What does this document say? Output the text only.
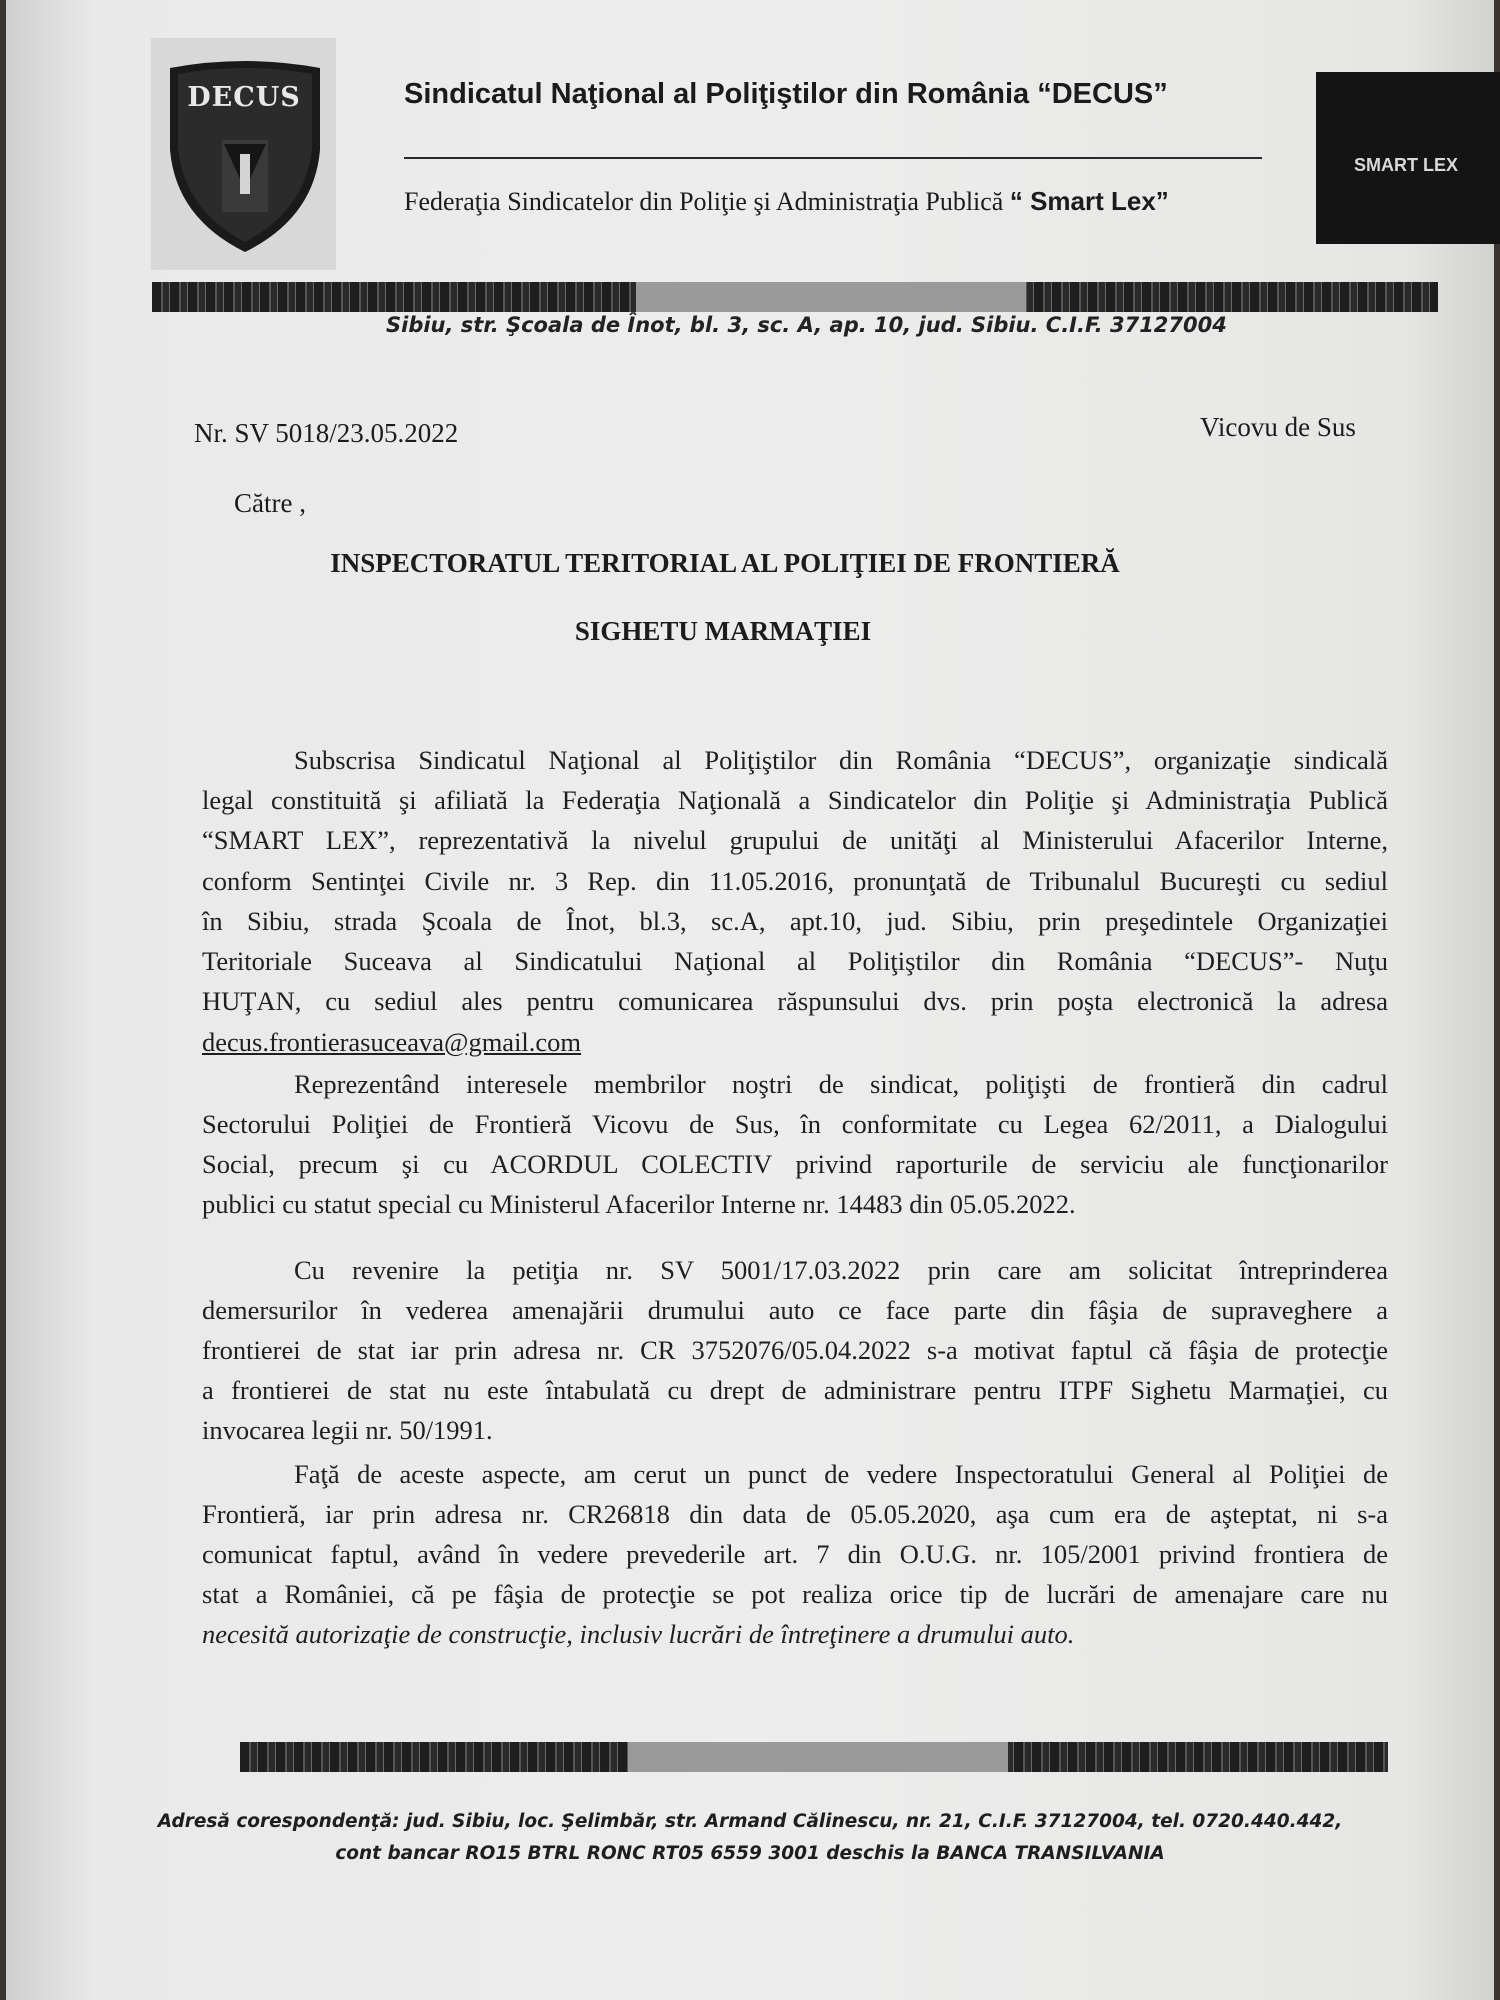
DECUS	Sindicatul Naţional al Poliţiştilor din România “DECUS”
Federaţia Sindicatelor din Poliţie şi Administraţia Publică “ Smart Lex”
SMART LEX
Sibiu, str. Şcoala de Înot, bl. 3, sc. A, ap. 10, jud. Sibiu. C.I.F. 37127004
Nr. SV 5018/23.05.2022	Vicovu de Sus
Către ,
INSPECTORATUL TERITORIAL AL POLIŢIEI DE FRONTIERĂ
SIGHETU MARMAŢIEI
Subscrisa Sindicatul Naţional al Poliţiştilor din România “DECUS”, organizaţie sindicală
legal constituită şi afiliată la Federaţia Naţională a Sindicatelor din Poliţie şi Administraţia Publică
“SMART LEX”, reprezentativă la nivelul grupului de unităţi al Ministerului Afacerilor Interne,
conform Sentinţei Civile nr. 3 Rep. din 11.05.2016, pronunţată de Tribunalul Bucureşti cu sediul
în Sibiu, strada Şcoala de Înot, bl.3, sc.A, apt.10, jud. Sibiu, prin preşedintele Organizaţiei
Teritoriale Suceava al Sindicatului Naţional al Poliţiştilor din România “DECUS”- Nuţu
HUŢAN, cu sediul ales pentru comunicarea răspunsului dvs. prin poşta electronică la adresa
decus.frontierasuceava@gmail.com
Reprezentând interesele membrilor noştri de sindicat, poliţişti de frontieră din cadrul
Sectorului Poliţiei de Frontieră Vicovu de Sus, în conformitate cu Legea 62/2011, a Dialogului
Social, precum şi cu ACORDUL COLECTIV privind raporturile de serviciu ale funcţionarilor
publici cu statut special cu Ministerul Afacerilor Interne nr. 14483 din 05.05.2022.
Cu revenire la petiţia nr. SV 5001/17.03.2022 prin care am solicitat întreprinderea
demersurilor în vederea amenajării drumului auto ce face parte din fâşia de supraveghere a
frontierei de stat iar prin adresa nr. CR 3752076/05.04.2022 s-a motivat faptul că fâşia de protecţie
a frontierei de stat nu este întabulată cu drept de administrare pentru ITPF Sighetu Marmaţiei, cu
invocarea legii nr. 50/1991.
Faţă de aceste aspecte, am cerut un punct de vedere Inspectoratului General al Poliţiei de
Frontieră, iar prin adresa nr. CR26818 din data de 05.05.2020, aşa cum era de aşteptat, ni s-a
comunicat faptul, având în vedere prevederile art. 7 din O.U.G. nr. 105/2001 privind frontiera de
stat a României, că pe fâşia de protecţie se pot realiza orice tip de lucrări de amenajare care nu
necesită autorizaţie de construcţie, inclusiv lucrări de întreţinere a drumului auto.
Adresă corespondenţă: jud. Sibiu, loc. Şelimbăr, str. Armand Călinescu, nr. 21, C.I.F. 37127004, tel. 0720.440.442,
cont bancar RO15 BTRL RONC RT05 6559 3001 deschis la BANCA TRANSILVANIA
